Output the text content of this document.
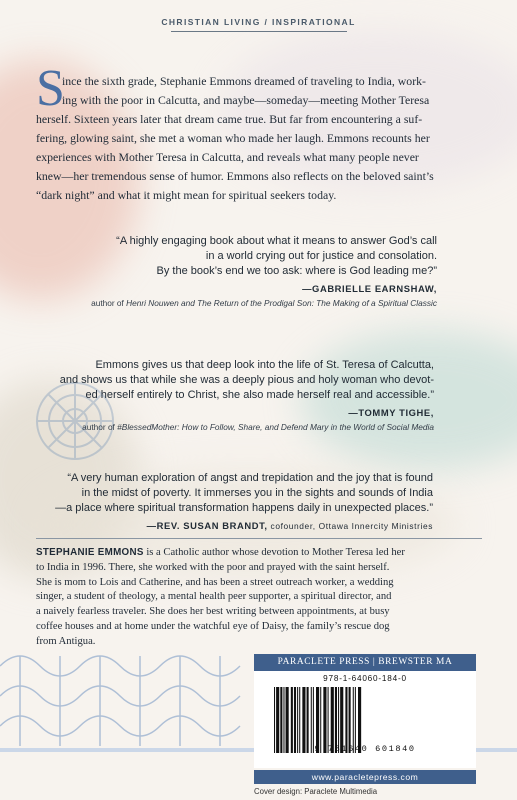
CHRISTIAN LIVING / INSPIRATIONAL
S
ince the sixth grade, Stephanie Emmons dreamed of traveling to India, work-
ing with the poor in Calcutta, and maybe—someday—meeting Mother Teresa
herself. Sixteen years later that dream came true. But far from encountering a suf-
fering, glowing saint, she met a woman who made her laugh. Emmons recounts her
experiences with Mother Teresa in Calcutta, and reveals what many people never
knew—her tremendous sense of humor. Emmons also reflects on the beloved saint’s
“dark night” and what it might mean for spiritual seekers today.
“A highly engaging book about what it means to answer God’s call
in a world crying out for justice and consolation.
By the book’s end we too ask: where is God leading me?”
—GABRIELLE EARNSHAW,
author of Henri Nouwen and The Return of the Prodigal Son: The Making of a Spiritual Classic
Emmons gives us that deep look into the life of St. Teresa of Calcutta,
and shows us that while she was a deeply pious and holy woman who devot-
ed herself entirely to Christ, she also made herself real and accessible.”
—TOMMY TIGHE,
author of #BlessedMother: How to Follow, Share, and Defend Mary in the World of Social Media
“A very human exploration of angst and trepidation and the joy that is found
in the midst of poverty. It immerses you in the sights and sounds of India
—a place where spiritual transformation happens daily in unexpected places.”
—REV. SUSAN BRANDT, cofounder, Ottawa Innercity Ministries
STEPHANIE EMMONS is a Catholic author whose devotion to Mother Teresa led her
to India in 1996. There, she worked with the poor and prayed with the saint herself.
She is mom to Lois and Catherine, and has been a street outreach worker, a wedding
singer, a student of theology, a mental health peer supporter, a spiritual director, and
a naively fearless traveler. She does her best writing between appointments, at busy
coffee houses and at home under the watchful eye of Daisy, the family’s rescue dog
from Antigua.
PARACLETE PRESS | BREWSTER MA
978-1-64060-184-0
9 781640 601840
www.paracletepress.com
Cover design: Paraclete Multimedia
